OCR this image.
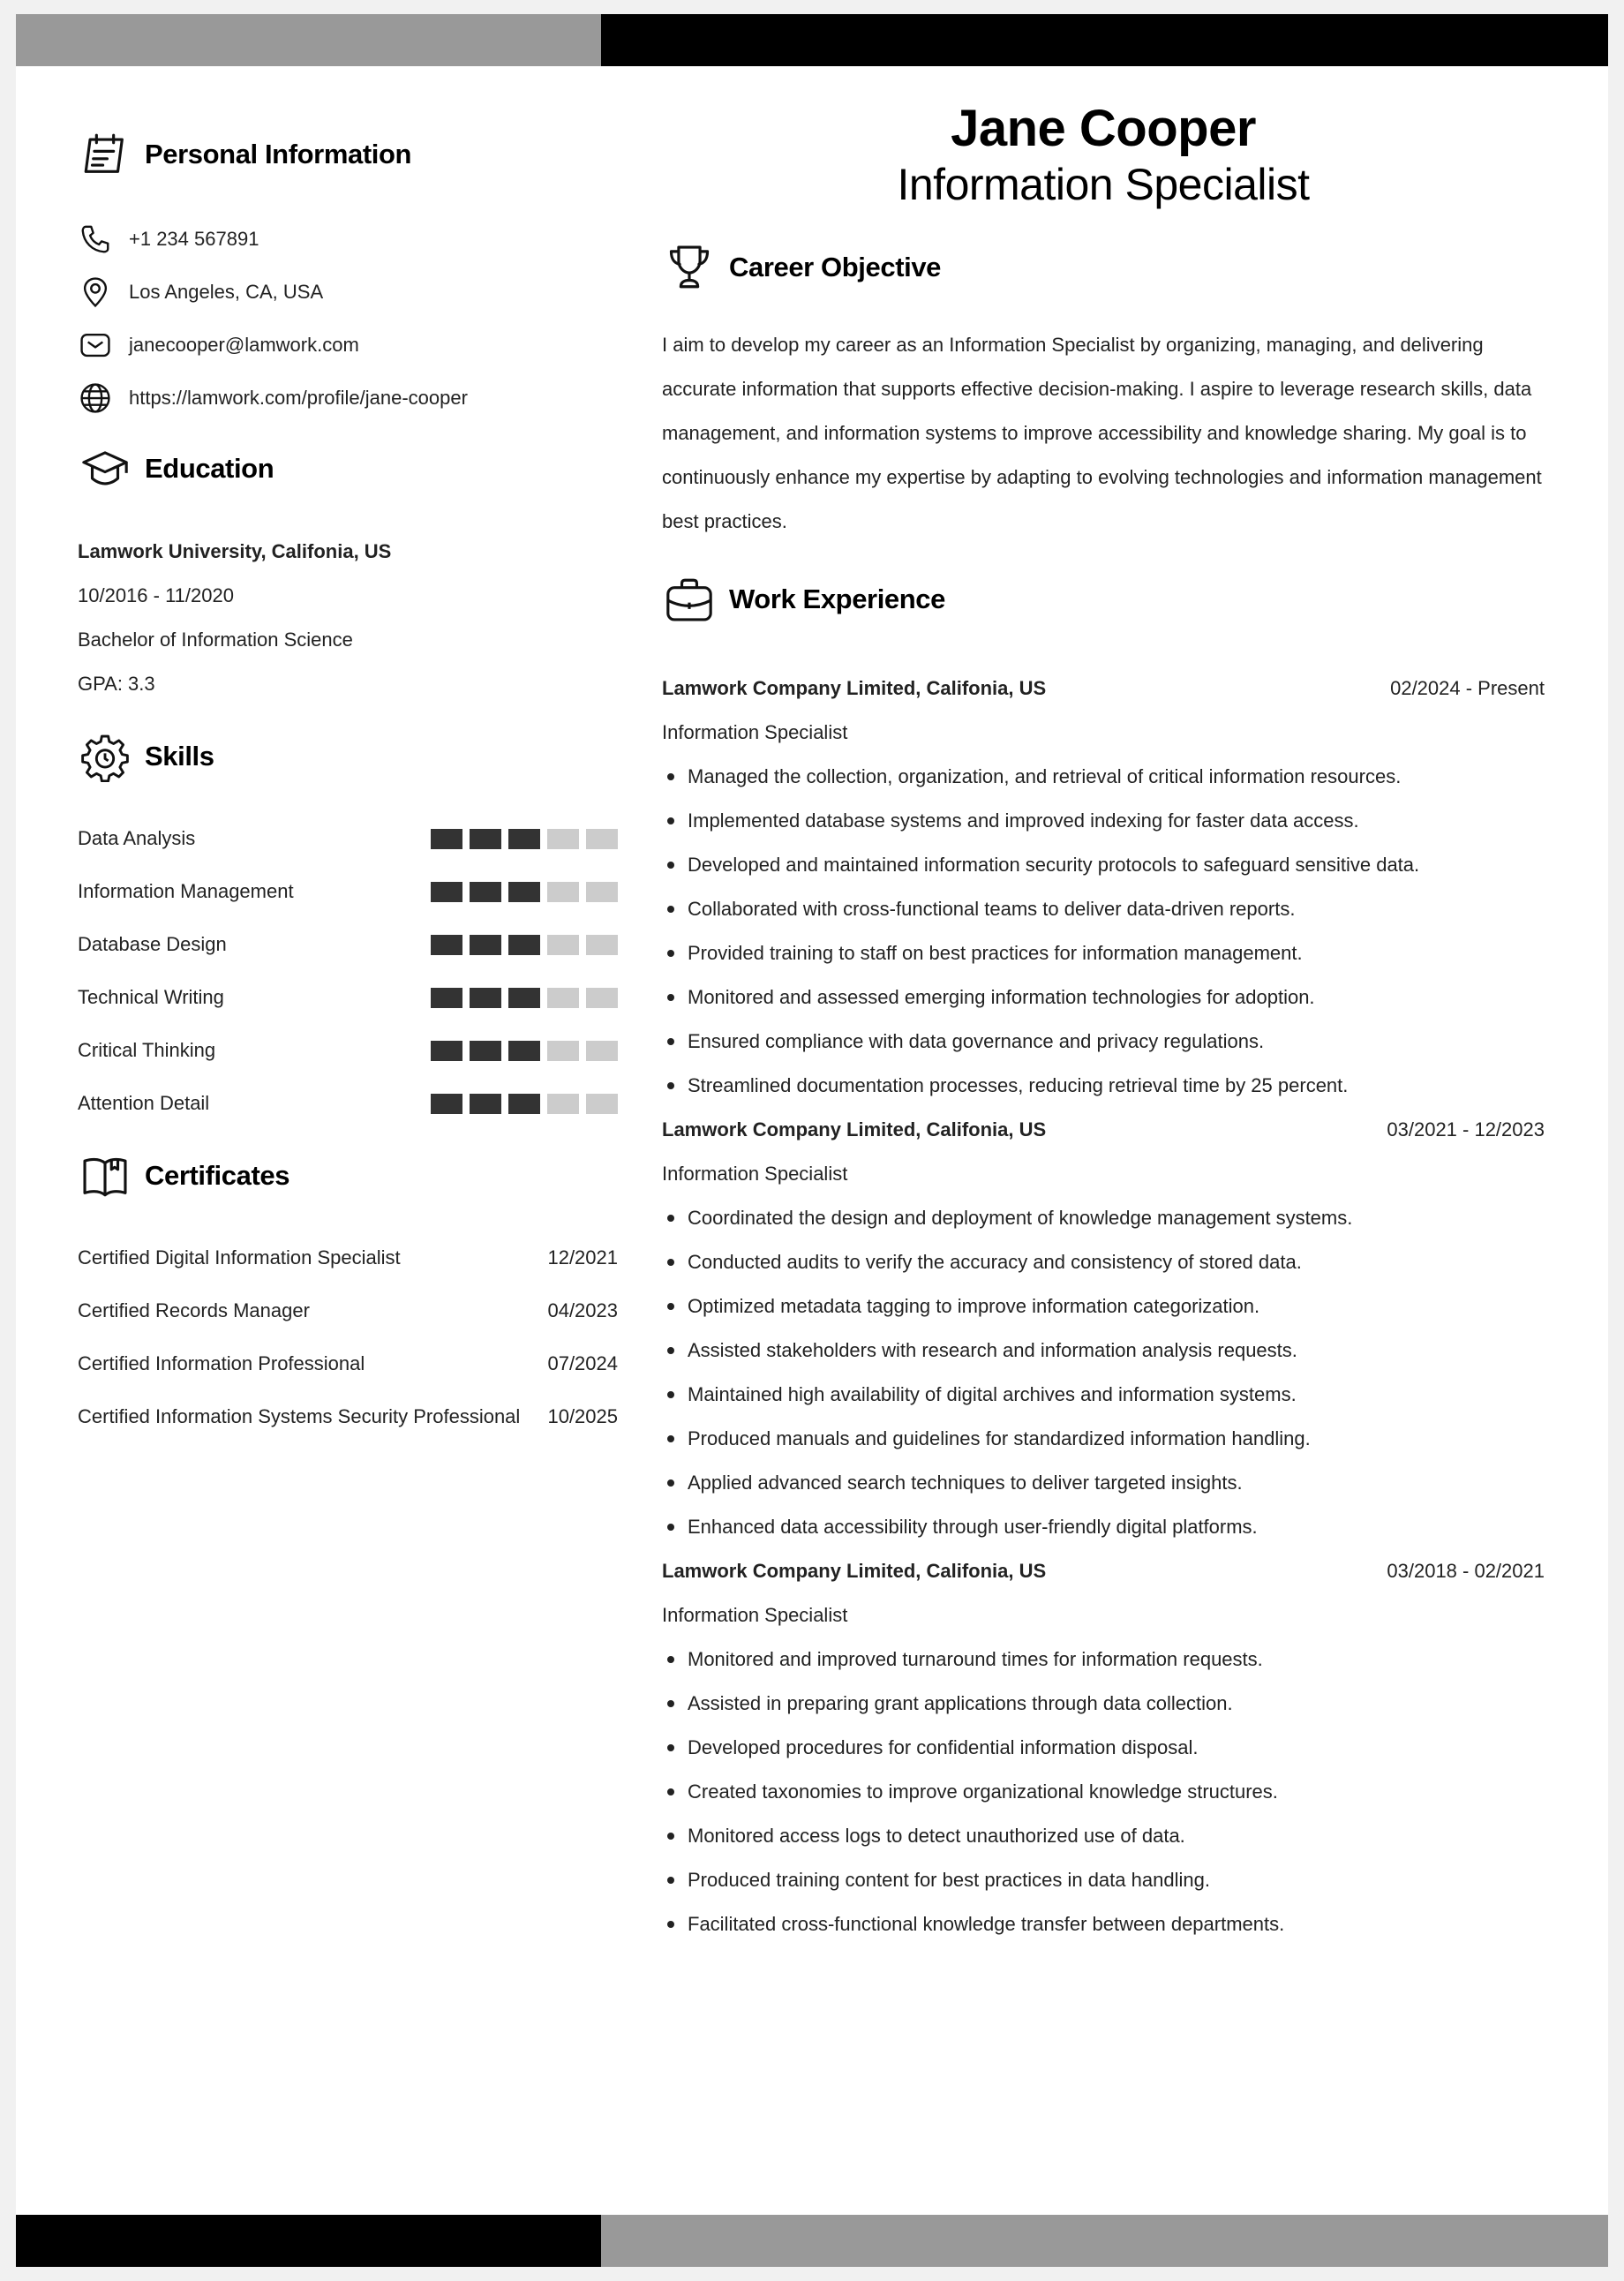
Personal Information
+1 234 567891
Los Angeles, CA, USA
janecooper@lamwork.com
https://lamwork.com/profile/jane-cooper
Education
Lamwork University, Califonia, US
10/2016 - 11/2020
Bachelor of Information Science
GPA: 3.3
Skills
Data Analysis
Information Management
Database Design
Technical Writing
Critical Thinking
Attention Detail
Certificates
Certified Digital Information Specialist	12/2021
Certified Records Manager	04/2023
Certified Information Professional	07/2024
Certified Information Systems Security Professional 10/2025
Jane Cooper
Information Specialist
Career Objective
I aim to develop my career as an Information Specialist by organizing, managing, and delivering accurate information that supports effective decision-making. I aspire to leverage research skills, data management, and information systems to improve accessibility and knowledge sharing. My goal is to continuously enhance my expertise by adapting to evolving technologies and information management best practices.
Work Experience
Lamwork Company Limited, Califonia, US	02/2024 - Present
Information Specialist
Managed the collection, organization, and retrieval of critical information resources.
Implemented database systems and improved indexing for faster data access.
Developed and maintained information security protocols to safeguard sensitive data.
Collaborated with cross-functional teams to deliver data-driven reports.
Provided training to staff on best practices for information management.
Monitored and assessed emerging information technologies for adoption.
Ensured compliance with data governance and privacy regulations.
Streamlined documentation processes, reducing retrieval time by 25 percent.
Lamwork Company Limited, Califonia, US	03/2021 - 12/2023
Information Specialist
Coordinated the design and deployment of knowledge management systems.
Conducted audits to verify the accuracy and consistency of stored data.
Optimized metadata tagging to improve information categorization.
Assisted stakeholders with research and information analysis requests.
Maintained high availability of digital archives and information systems.
Produced manuals and guidelines for standardized information handling.
Applied advanced search techniques to deliver targeted insights.
Enhanced data accessibility through user-friendly digital platforms.
Lamwork Company Limited, Califonia, US	03/2018 - 02/2021
Information Specialist
Monitored and improved turnaround times for information requests.
Assisted in preparing grant applications through data collection.
Developed procedures for confidential information disposal.
Created taxonomies to improve organizational knowledge structures.
Monitored access logs to detect unauthorized use of data.
Produced training content for best practices in data handling.
Facilitated cross-functional knowledge transfer between departments.
